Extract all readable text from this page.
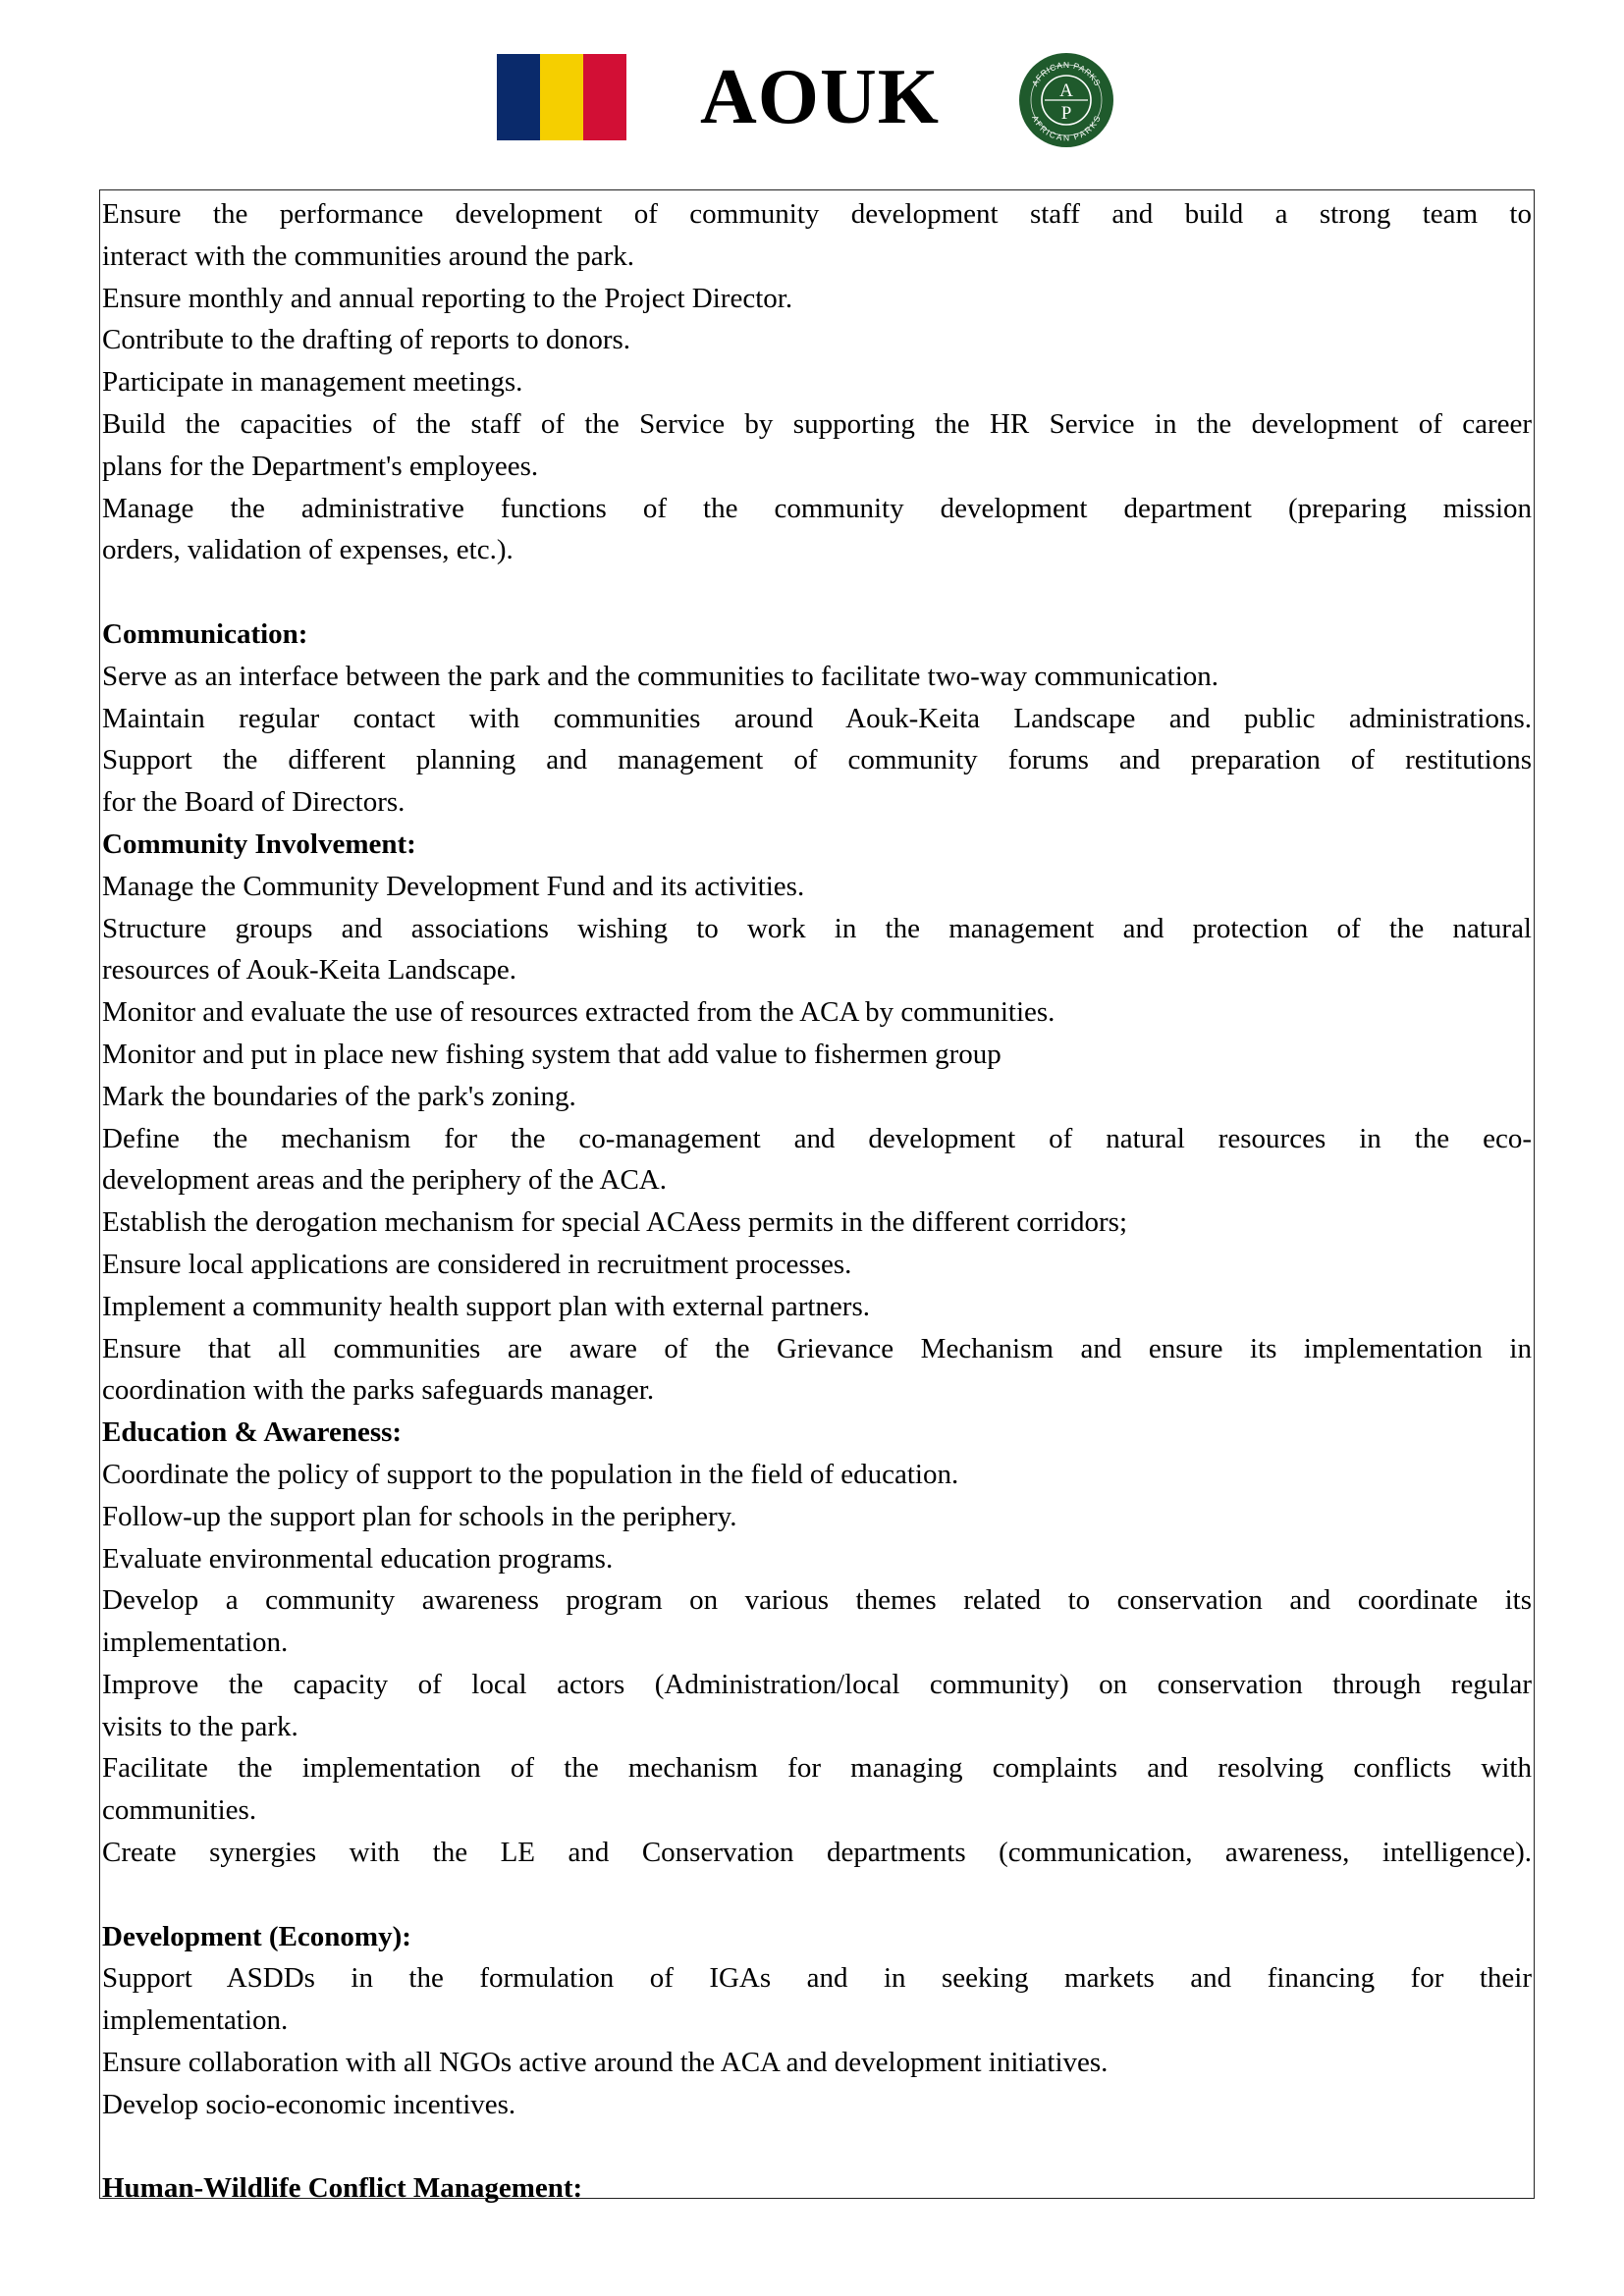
AOUK	AFRICAN PARKS
AFRICAN PARKS
A
P
Ensure the performance development of community development staff and build a strong team to
interact with the communities around the park.
Ensure monthly and annual reporting to the Project Director.
Contribute to the drafting of reports to donors.
Participate in management meetings.
Build the capacities of the staff of the Service by supporting the HR Service in the development of career
plans for the Department's employees.
Manage the administrative functions of the community development department (preparing mission
orders, validation of expenses, etc.).
Communication:
Serve as an interface between the park and the communities to facilitate two-way communication.
Maintain regular contact with communities around Aouk-Keita Landscape and public administrations.
Support the different planning and management of community forums and preparation of restitutions
for the Board of Directors.
Community Involvement:
Manage the Community Development Fund and its activities.
Structure groups and associations wishing to work in the management and protection of the natural
resources of Aouk-Keita Landscape.
Monitor and evaluate the use of resources extracted from the ACA by communities.
Monitor and put in place new fishing system that add value to fishermen group
Mark the boundaries of the park's zoning.
Define the mechanism for the co-management and development of natural resources in the eco-
development areas and the periphery of the ACA.
Establish the derogation mechanism for special ACAess permits in the different corridors;
Ensure local applications are considered in recruitment processes.
Implement a community health support plan with external partners.
Ensure that all communities are aware of the Grievance Mechanism and ensure its implementation in
coordination with the parks safeguards manager.
Education & Awareness:
Coordinate the policy of support to the population in the field of education.
Follow-up the support plan for schools in the periphery.
Evaluate environmental education programs.
Develop a community awareness program on various themes related to conservation and coordinate its
implementation.
Improve the capacity of local actors (Administration/local community) on conservation through regular
visits to the park.
Facilitate the implementation of the mechanism for managing complaints and resolving conflicts with
communities.
Create synergies with the LE and Conservation departments (communication, awareness, intelligence).
Development (Economy):
Support ASDDs in the formulation of IGAs and in seeking markets and financing for their
implementation.
Ensure collaboration with all NGOs active around the ACA and development initiatives.
Develop socio-economic incentives.
Human-Wildlife Conflict Management:
